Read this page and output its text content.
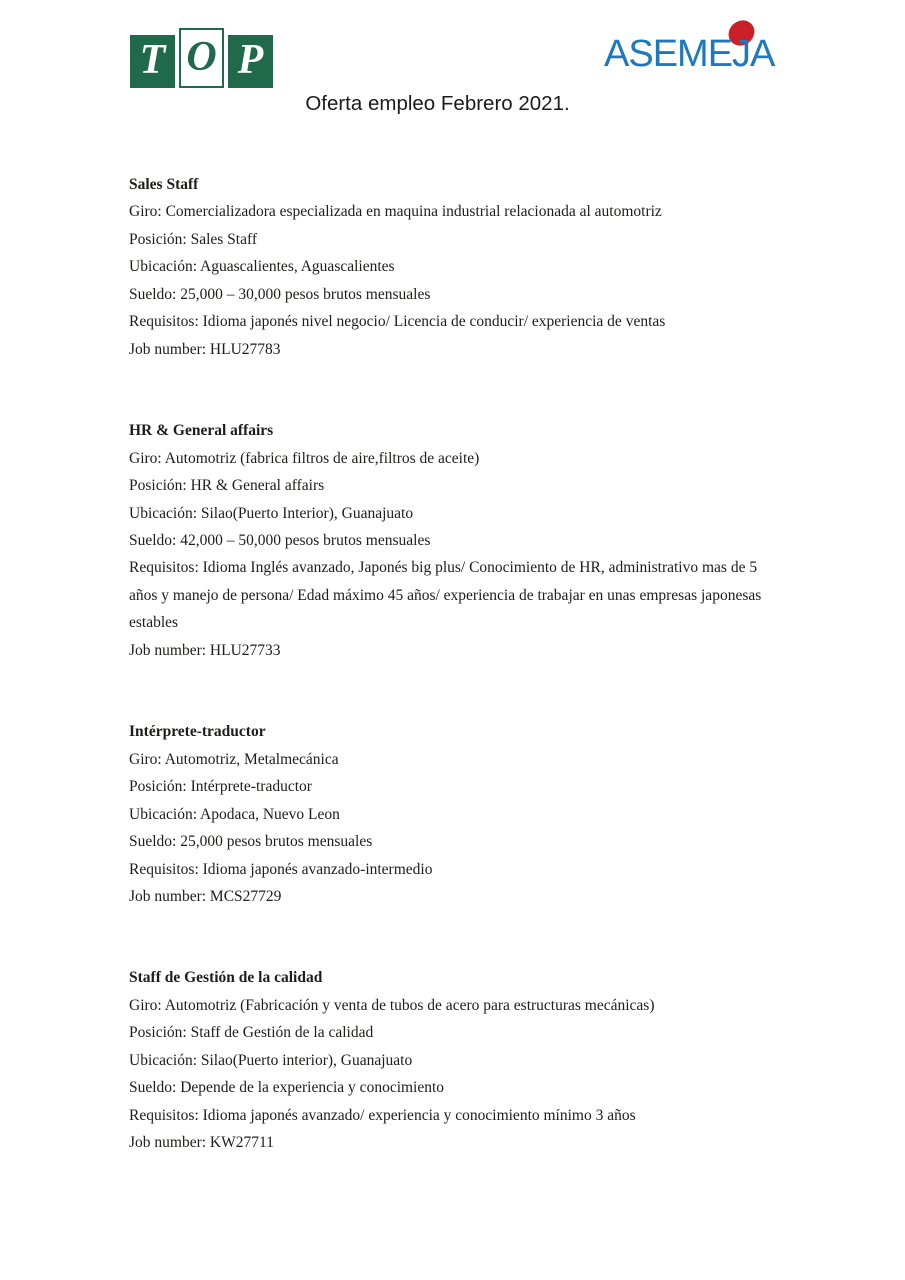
T O P	ASEMEJA
Oferta empleo Febrero 2021.
Sales Staff

Giro: Comercializadora especializada en maquina industrial relacionada al automotriz

Posición: Sales Staff

Ubicación: Aguascalientes, Aguascalientes

Sueldo: 25,000 – 30,000 pesos brutos mensuales

Requisitos: Idioma japonés nivel negocio/ Licencia de conducir/ experiencia de ventas

Job number: HLU27783

HR & General affairs

Giro: Automotriz (fabrica filtros de aire,filtros de aceite)

Posición: HR & General affairs

Ubicación: Silao(Puerto Interior), Guanajuato

Sueldo: 42,000 – 50,000 pesos brutos mensuales

Requisitos: Idioma Inglés avanzado, Japonés big plus/ Conocimiento de HR, administrativo mas de 5 años y manejo de persona/ Edad máximo 45 años/ experiencia de trabajar en unas empresas japonesas estables

Job number: HLU27733

Intérprete-traductor

Giro: Automotriz, Metalmecánica

Posición: Intérprete-traductor

Ubicación: Apodaca, Nuevo Leon

Sueldo: 25,000 pesos brutos mensuales

Requisitos: Idioma japonés avanzado-intermedio

Job number: MCS27729

Staff de Gestión de la calidad

Giro: Automotriz (Fabricación y venta de tubos de acero para estructuras mecánicas)

Posición: Staff de Gestión de la calidad

Ubicación: Silao(Puerto interior), Guanajuato

Sueldo: Depende de la experiencia y conocimiento

Requisitos: Idioma japonés avanzado/ experiencia y conocimiento mínimo 3 años

Job number: KW27711
